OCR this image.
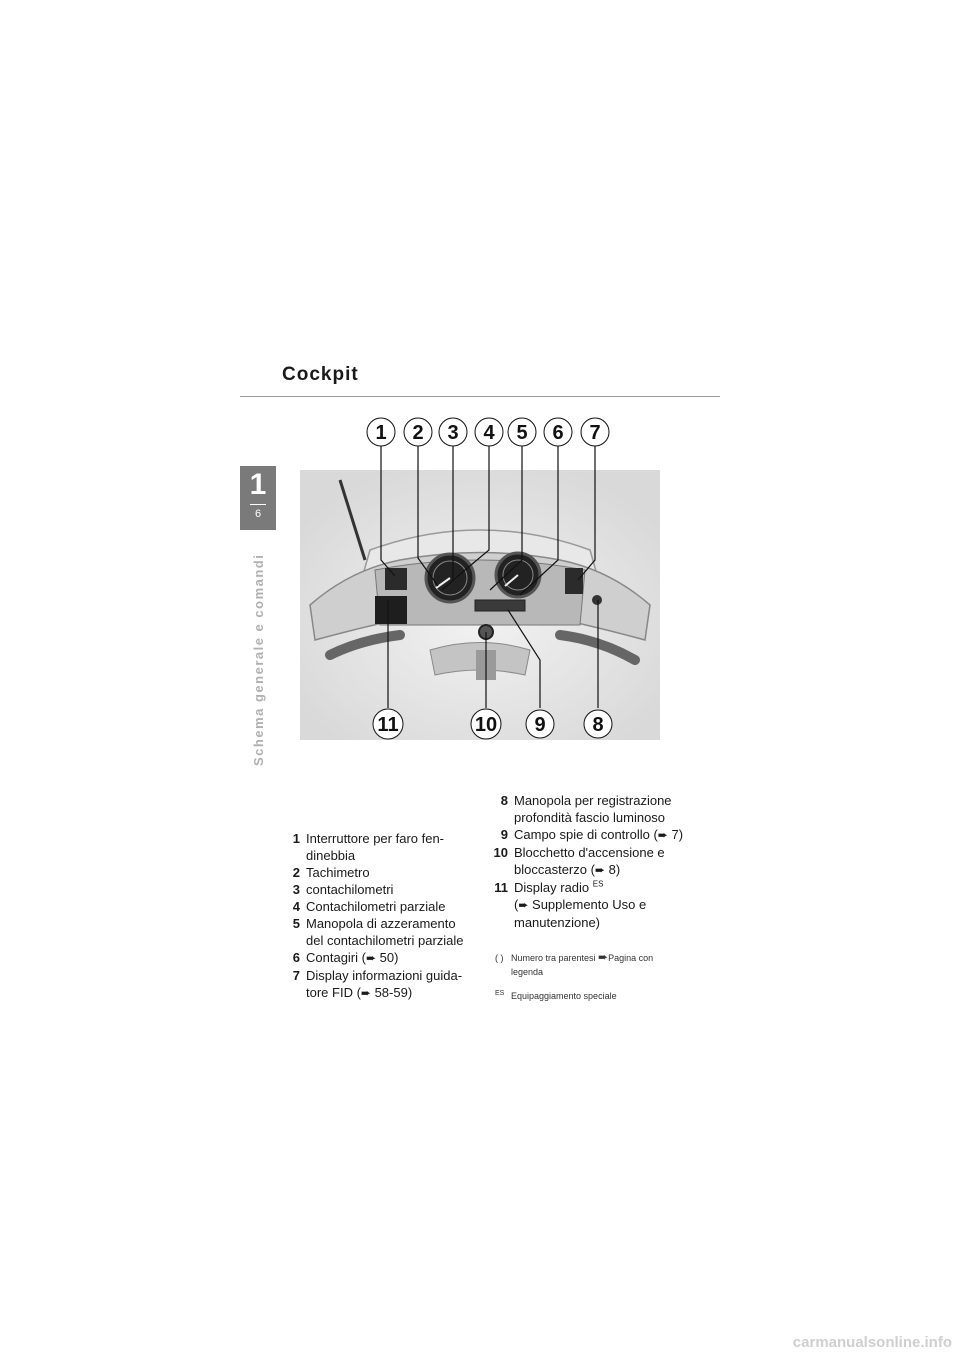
Cockpit
1
6
Schema generale e comandi
1 2 3 4 5 6 7
11	10 9 8
1 Interruttore per faro fen-
dinebbia
2 Tachimetro
3 contachilometri
4 Contachilometri parziale
5 Manopola di azzeramento
del contachilometri parziale
6 Contagiri (➨ 50)
7 Display informazioni guida-
tore FID (➨ 58-59)
8 Manopola per registrazione
profondità fascio luminoso
9 Campo spie di controllo (➨ 7)
10 Blocchetto d'accensione e
bloccasterzo (➨ 8)
11 Display radio $^{ES}$
(➨ Supplemento Uso e
manutenzione)
( ) Numero tra parentesi ➨Pagina con
legenda
ES Equipaggiamento speciale
carmanualsonline.info
